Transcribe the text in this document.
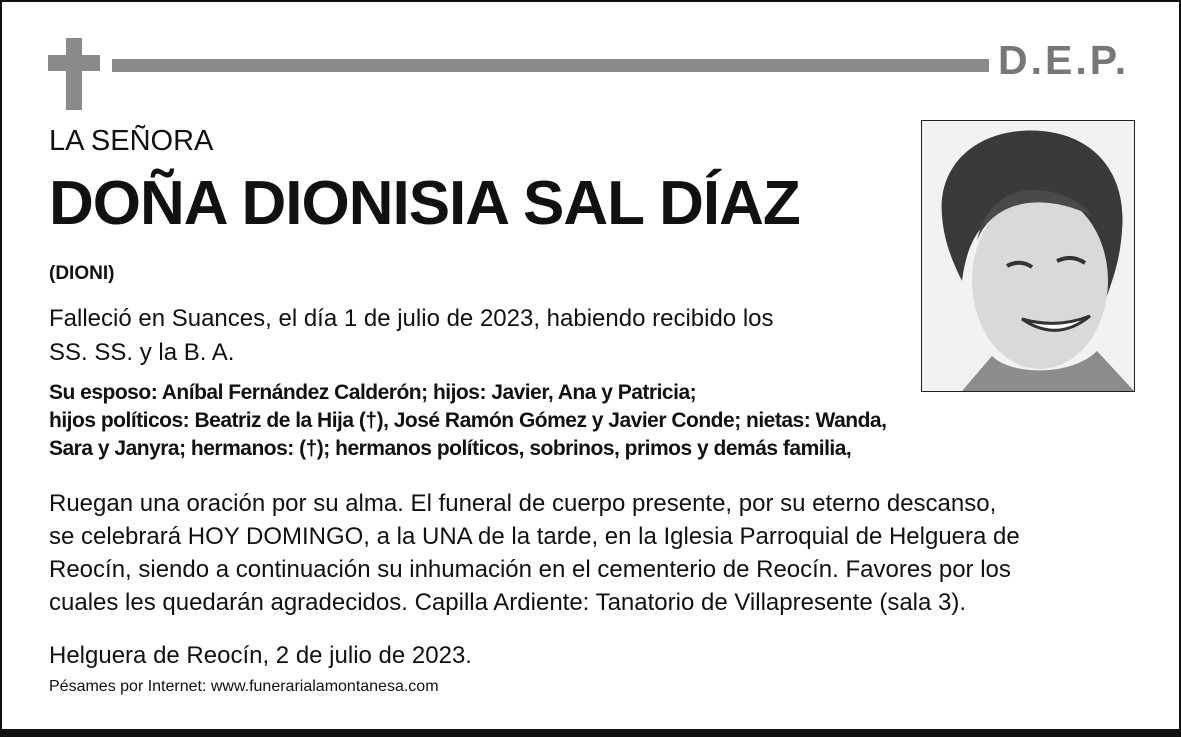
D.E.P.
LA SEÑORA
DOÑA DIONISIA SAL DÍAZ
(DIONI)
Falleció en Suances, el día 1 de julio de 2023, habiendo recibido los
SS. SS. y la B. A.
Su esposo: Aníbal Fernández Calderón; hijos: Javier, Ana y Patricia;
hijos políticos: Beatriz de la Hija (†), José Ramón Gómez y Javier Conde; nietas: Wanda,
Sara y Janyra; hermanos: (†); hermanos políticos, sobrinos, primos y demás familia,
Ruegan una oración por su alma. El funeral de cuerpo presente, por su eterno descanso,
se celebrará HOY DOMINGO, a la UNA de la tarde, en la Iglesia Parroquial de Helguera de
Reocín, siendo a continuación su inhumación en el cementerio de Reocín. Favores por los
cuales les quedarán agradecidos. Capilla Ardiente: Tanatorio de Villapresente (sala 3).
Helguera de Reocín, 2 de julio de 2023.
Pésames por Internet: www.funerarialamontanesa.com
